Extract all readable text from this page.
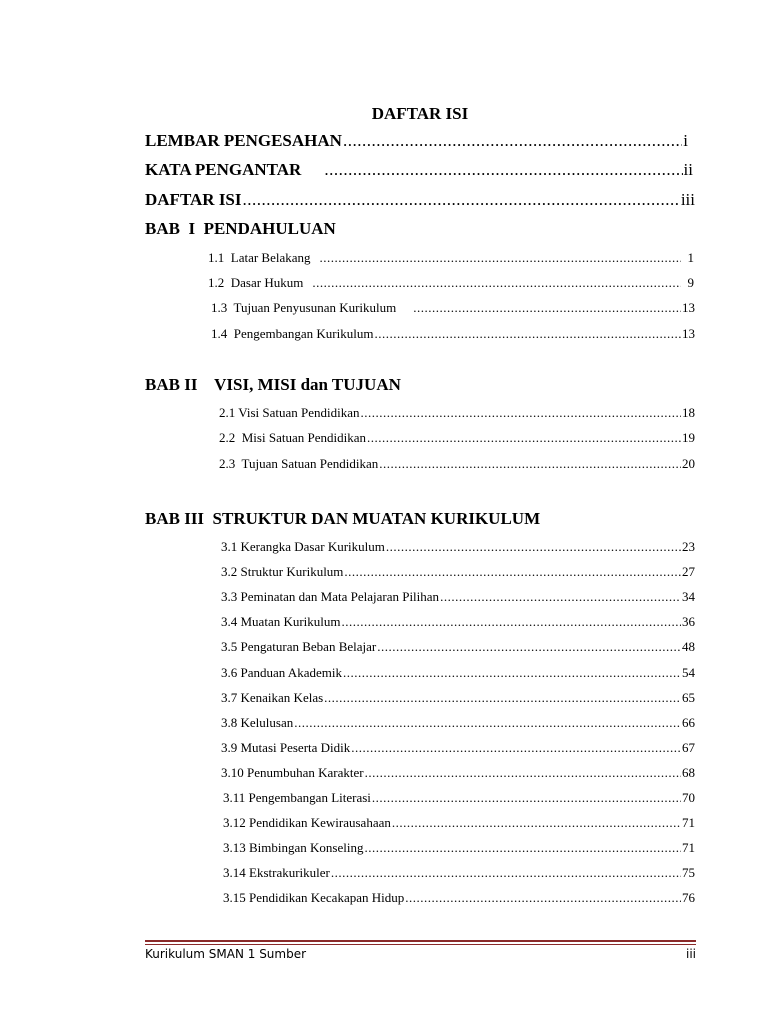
DAFTAR ISI
LEMBAR PENGESAHAN .....	i
KATA PENGANTAR .....	ii
DAFTAR ISI .....	iii
BAB  I  PENDAHULUAN
1.1  Latar Belakang .....	1
1.2  Dasar Hukum .....	9
1.3  Tujuan Penyusunan Kurikulum .....	13
1.4  Pengembangan Kurikulum .....	13
BAB II    VISI, MISI dan TUJUAN
2.1 Visi Satuan Pendidikan .....	18
2.2  Misi Satuan Pendidikan .....	19
2.3  Tujuan Satuan Pendidikan .....	20
BAB III  STRUKTUR DAN MUATAN KURIKULUM
3.1 Kerangka Dasar Kurikulum .....	23
3.2 Struktur Kurikulum .....	27
3.3 Peminatan dan Mata Pelajaran Pilihan .....	34
3.4 Muatan Kurikulum .....	36
3.5 Pengaturan Beban Belajar .....	48
3.6 Panduan Akademik .....	54
3.7 Kenaikan Kelas .....	65
3.8 Kelulusan .....	66
3.9 Mutasi Peserta Didik .....	67
3.10 Penumbuhan Karakter .....	68
3.11 Pengembangan Literasi .....	70
3.12 Pendidikan Kewirausahaan .....	71
3.13 Bimbingan Konseling .....	71
3.14 Ekstrakurikuler .....	75
3.15 Pendidikan Kecakapan Hidup .....	76
Kurikulum SMAN 1 Sumber	iii
